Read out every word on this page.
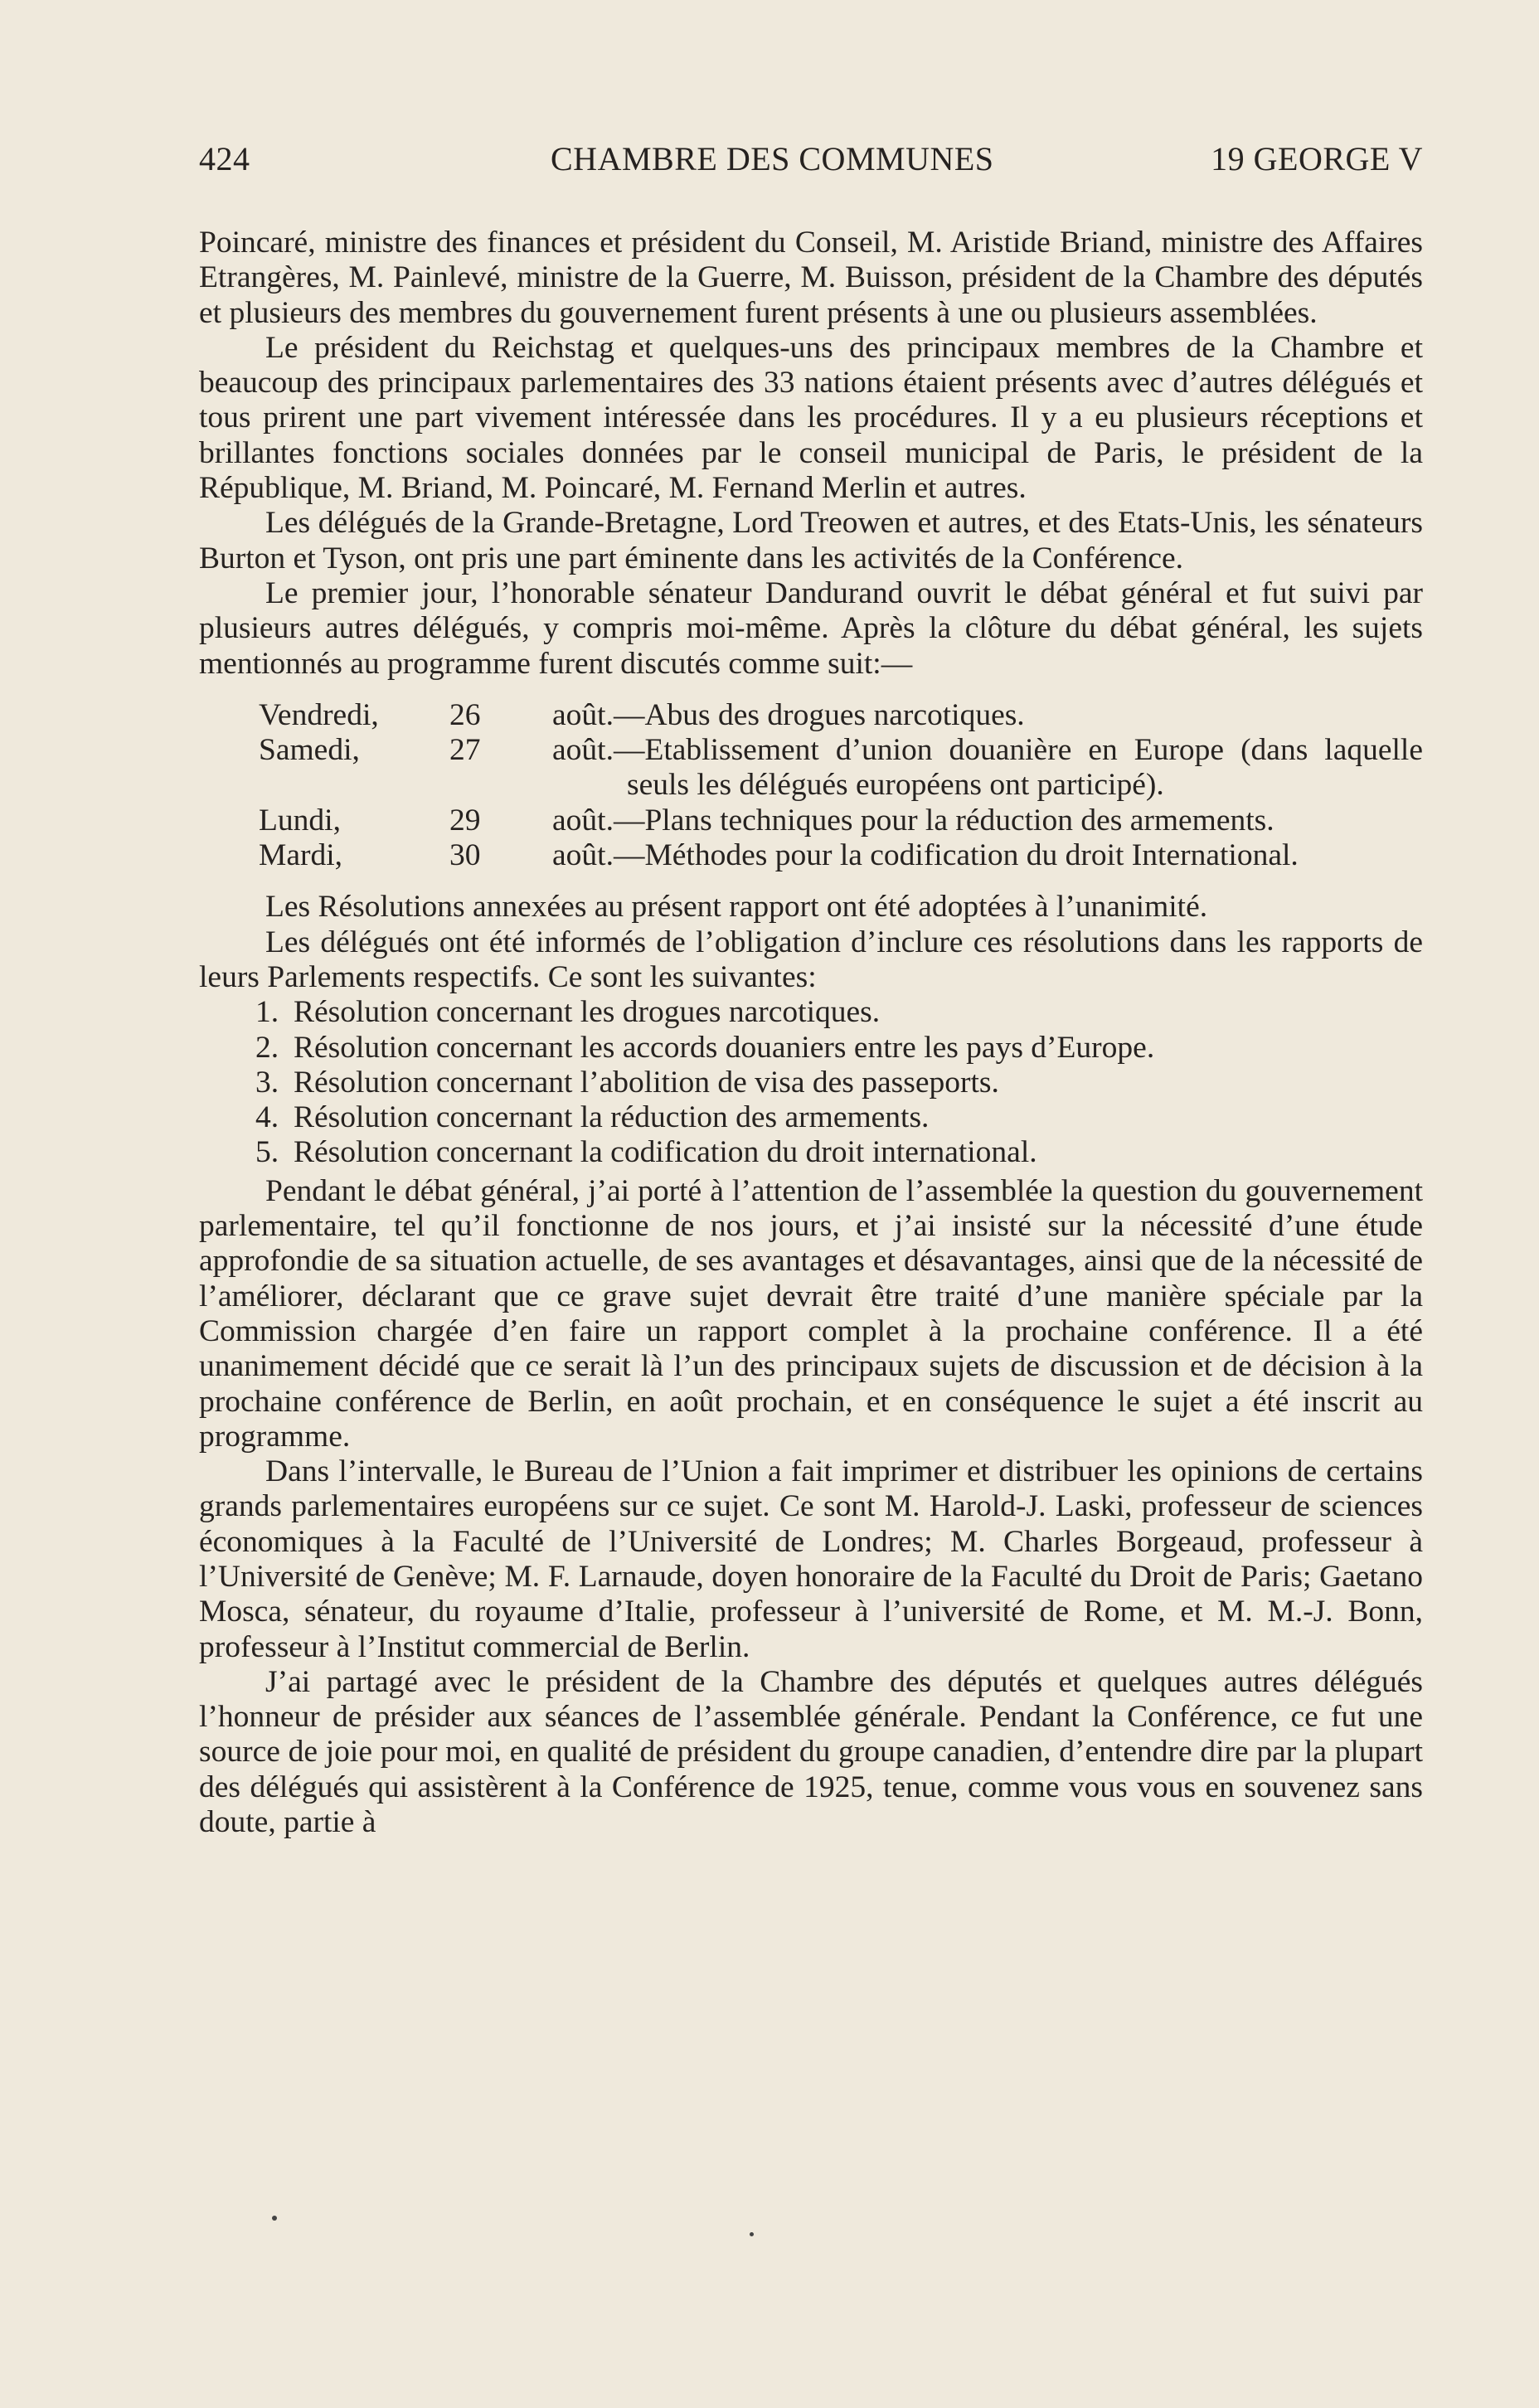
424	CHAMBRE DES COMMUNES	19 GEORGE V

Poincaré, ministre des finances et président du Conseil, M. Aristide Briand, ministre des Affaires Etrangères, M. Painlevé, ministre de la Guerre, M. Buisson, président de la Chambre des députés et plusieurs des membres du gouvernement furent présents à une ou plusieurs assemblées.

Le président du Reichstag et quelques-uns des principaux membres de la Chambre et beaucoup des principaux parlementaires des 33 nations étaient présents avec d’autres délégués et tous prirent une part vivement intéressée dans les procédures. Il y a eu plusieurs réceptions et brillantes fonctions sociales données par le conseil municipal de Paris, le président de la République, M. Briand, M. Poincaré, M. Fernand Merlin et autres.

Les délégués de la Grande-Bretagne, Lord Treowen et autres, et des Etats-Unis, les sénateurs Burton et Tyson, ont pris une part éminente dans les activités de la Conférence.

Le premier jour, l’honorable sénateur Dandurand ouvrit le débat général et fut suivi par plusieurs autres délégués, y compris moi-même. Après la clôture du débat général, les sujets mentionnés au programme furent discutés comme suit:—

Vendredi,	26	août.—Abus des drogues narcotiques.
Samedi,	27	août.—Etablissement d’union douanière en Europe (dans laquelle seuls les délégués européens ont participé).
Lundi,	29	août.—Plans techniques pour la réduction des armements.
Mardi,	30	août.—Méthodes pour la codification du droit International.

Les Résolutions annexées au présent rapport ont été adoptées à l’unanimité.

Les délégués ont été informés de l’obligation d’inclure ces résolutions dans les rapports de leurs Parlements respectifs. Ce sont les suivantes:

1. Résolution concernant les drogues narcotiques.
2. Résolution concernant les accords douaniers entre les pays d’Europe.
3. Résolution concernant l’abolition de visa des passeports.
4. Résolution concernant la réduction des armements.
5. Résolution concernant la codification du droit international.

Pendant le débat général, j’ai porté à l’attention de l’assemblée la question du gouvernement parlementaire, tel qu’il fonctionne de nos jours, et j’ai insisté sur la nécessité d’une étude approfondie de sa situation actuelle, de ses avantages et désavantages, ainsi que de la nécessité de l’améliorer, déclarant que ce grave sujet devrait être traité d’une manière spéciale par la Commission chargée d’en faire un rapport complet à la prochaine conférence. Il a été unanimement décidé que ce serait là l’un des principaux sujets de discussion et de décision à la prochaine conférence de Berlin, en août prochain, et en conséquence le sujet a été inscrit au programme.

Dans l’intervalle, le Bureau de l’Union a fait imprimer et distribuer les opinions de certains grands parlementaires européens sur ce sujet. Ce sont M. Harold-J. Laski, professeur de sciences économiques à la Faculté de l’Université de Londres; M. Charles Borgeaud, professeur à l’Université de Genève; M. F. Larnaude, doyen honoraire de la Faculté du Droit de Paris; Gaetano Mosca, sénateur, du royaume d’Italie, professeur à l’université de Rome, et M. M.-J. Bonn, professeur à l’Institut commercial de Berlin.

J’ai partagé avec le président de la Chambre des députés et quelques autres délégués l’honneur de présider aux séances de l’assemblée générale. Pendant la Conférence, ce fut une source de joie pour moi, en qualité de président du groupe canadien, d’entendre dire par la plupart des délégués qui assistèrent à la Conférence de 1925, tenue, comme vous vous en souvenez sans doute, partie à
